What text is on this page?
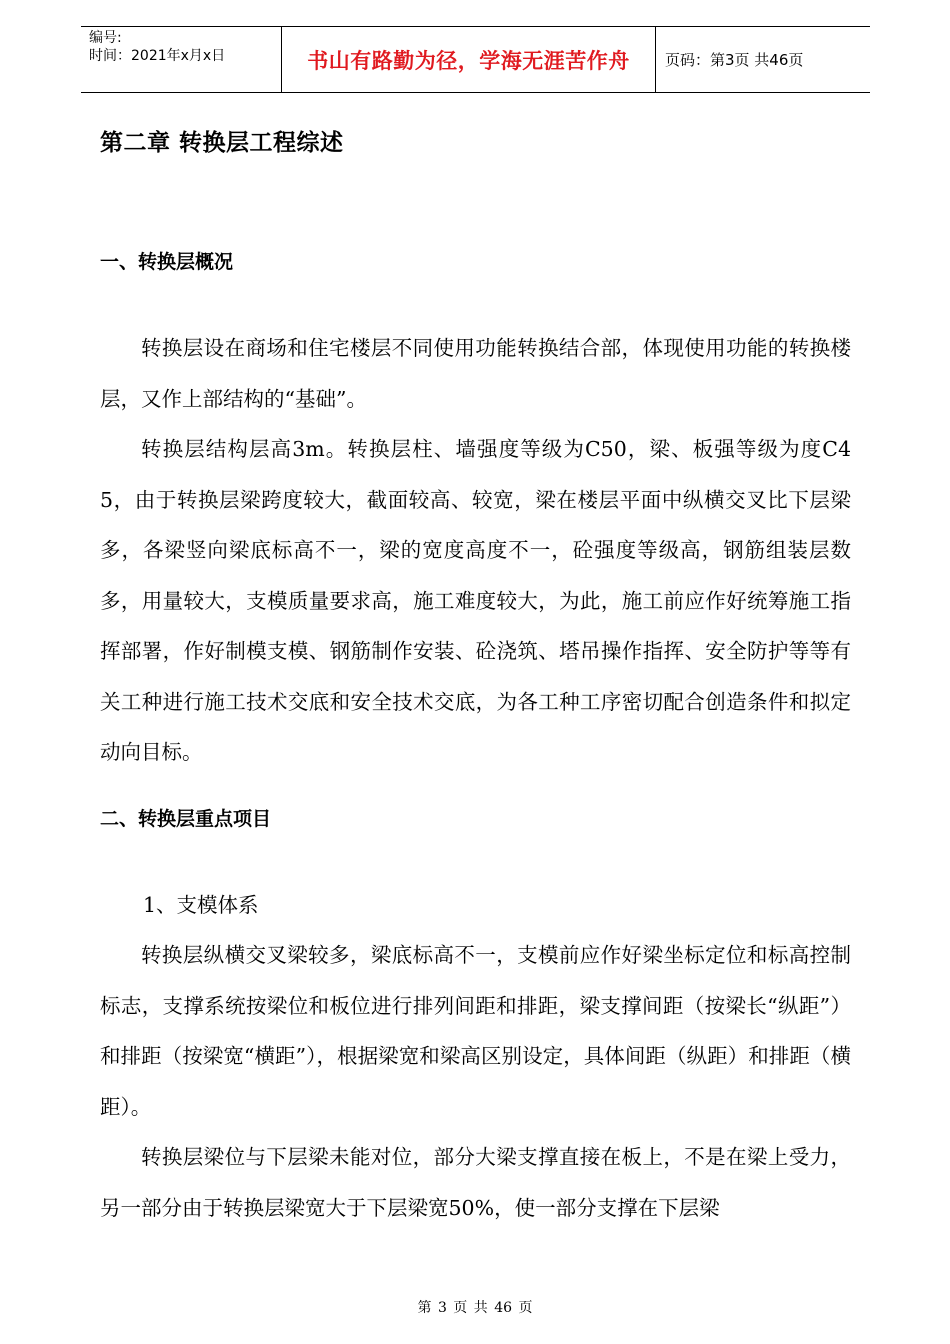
编号:
时间：2021年x月x日	书山有路勤为径，学海无涯苦作舟	页码：第3页 共46页
第二章 转换层工程综述
一、转换层概况

转换层设在商场和住宅楼层不同使用功能转换结合部，体现使用功能的转换楼层，又作上部结构的“基础”。

转换层结构层高3m。转换层柱、墙强度等级为C50，梁、板强等级为度C45，由于转换层梁跨度较大，截面较高、较宽，梁在楼层平面中纵横交叉比下层梁多，各梁竖向梁底标高不一，梁的宽度高度不一，砼强度等级高，钢筋组装层数多，用量较大，支模质量要求高，施工难度较大，为此，施工前应作好统筹施工指挥部署，作好制模支模、钢筋制作安装、砼浇筑、塔吊操作指挥、安全防护等等有关工种进行施工技术交底和安全技术交底，为各工种工序密切配合创造条件和拟定动向目标。

二、转换层重点项目
1、支模体系

转换层纵横交叉梁较多，梁底标高不一，支模前应作好梁坐标定位和标高控制标志，支撑系统按梁位和板位进行排列间距和排距，梁支撑间距（按梁长“纵距”）和排距（按梁宽“横距”），根据梁宽和梁高区别设定，具体间距（纵距）和排距（横距）。

转换层梁位与下层梁未能对位，部分大梁支撑直接在板上，不是在梁上受力，另一部分由于转换层梁宽大于下层梁宽50%，使一部分支撑在下层梁

第 3 页 共 46 页
